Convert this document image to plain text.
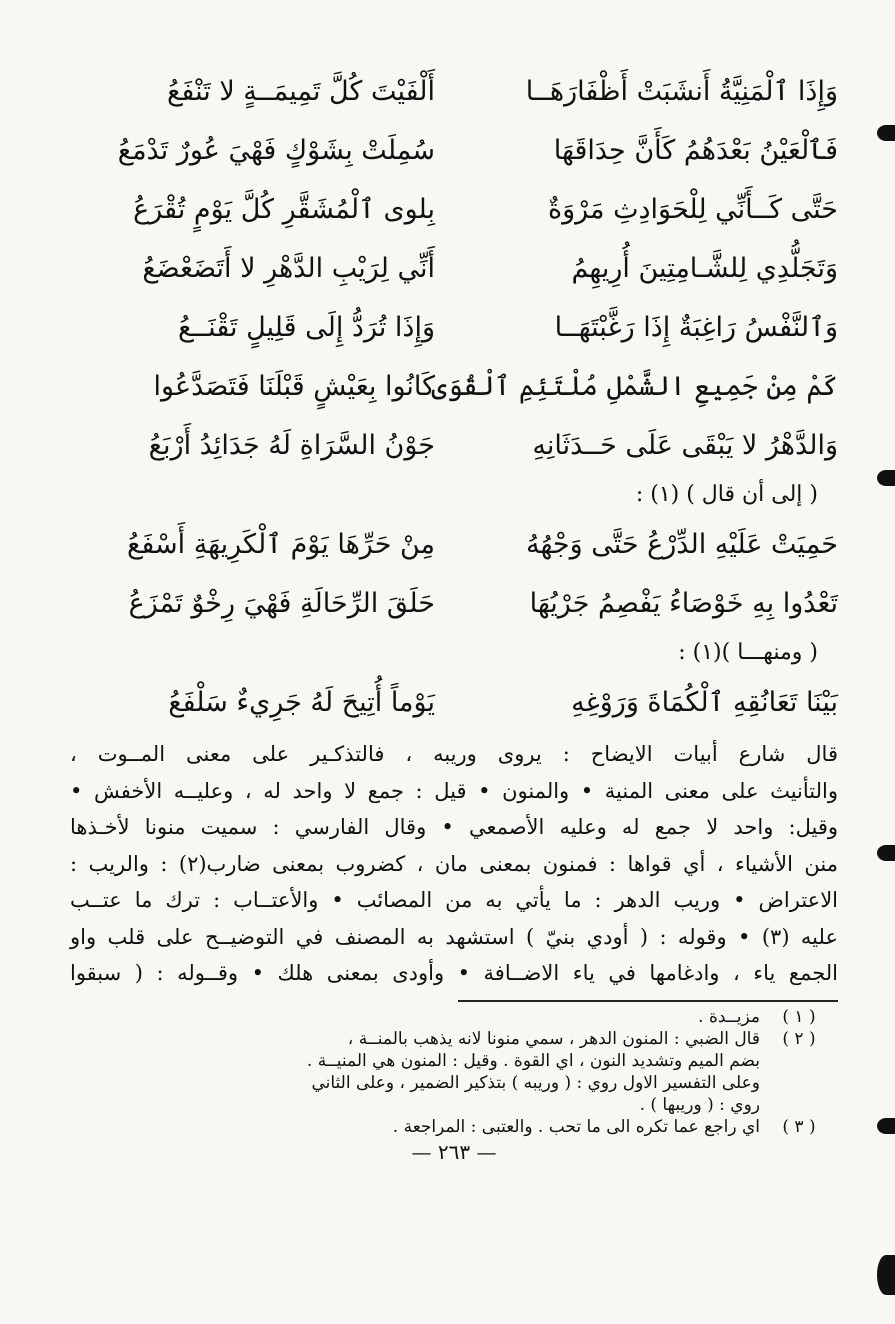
وَإِذَا ٱلْمَنِيَّةُ أَنشَبَتْ أَظْفَارَهَــا
أَلْفَيْتَ كُلَّ تَمِيمَــةٍ لا تَنْفَعُ
فَٱلْعَيْنُ بَعْدَهُمُ كَأَنَّ حِدَاقَهَا
سُمِلَتْ بِشَوْكٍ فَهْيَ عُورٌ تَدْمَعُ
حَتَّى كَــأَنِّي لِلْحَوَادِثِ مَرْوَةٌ
بِلوى ٱلْمُشَقَّرِ كُلَّ يَوْمٍ تُقْرَعُ
وَتَجَلُّدِي لِلشَّـامِتِينَ أُرِيهِمُ
أَنِّي لِرَيْبِ الدَّهْرِ لا أَتَضَعْضَعُ
وَٱلنَّفْسُ رَاغِبَةٌ إِذَا رَغَّبْتَهَــا
وَإِذَا تُرَدُّ إِلَى قَلِيلٍ تَقْنَــعُ
كَمْ مِنْ جَمِيعِ الشَّمْلِ مُلْتَئِمِ ٱلْقُوَى
كَانُوا بِعَيْشٍ قَبْلَنَا فَتَصَدَّعُوا
وَالدَّهْرُ لا يَبْقَى عَلَى حَــدَثَانِهِ
جَوْنُ السَّرَاةِ لَهُ جَدَائِدُ أَرْبَعُ
( إلى أن قال ) (١) :
حَمِيَتْ عَلَيْهِ الدِّرْعُ حَتَّى وَجْهُهُ
مِنْ حَرِّهَا يَوْمَ ٱلْكَرِيهَةِ أَسْفَعُ
تَعْدُوا بِهِ خَوْصَاءُ يَفْصِمُ جَرْيُهَا
حَلَقَ الرِّحَالَةِ فَهْيَ رِخْوٌ تَمْزَعُ
( ومنهـــا )(١) :
بَيْنَا تَعَانُقِهِ ٱلْكُمَاةَ وَرَوْغِهِ
يَوْماً أُتِيحَ لَهُ جَرِيءٌ سَلْفَعُ

قال شارع أبيات الايضاح : يروى وريبه ، فالتذكـير على معنى المــوت ،

والتأنيث على معنى المنية • والمنون • قيل : جمع لا واحد له ، وعليــه الأخفش •

وقيل: واحد لا جمع له وعليه الأصمعي • وقال الفارسي : سميت منونا لأخـذها

منن الأشياء ، أي قواها : فمنون بمعنى مان ، كضروب بمعنى ضارب(٢) : والريب :

الاعتراض • وريب الدهر : ما يأتي به من المصائب • والأعتــاب : ترك ما عتــب

عليه (٣) • وقوله : ( أودي بنيّ ) استشهد به المصنف في التوضيــح على قلب واو

الجمع ياء ، وادغامها في ياء الاضــافة • وأودى بمعنى هلك • وقــوله : ( سبقوا

( ١ )
مزيــدة .
( ٢ )
قال الضبي : المنون الدهر ، سمي منونا لانه يذهب بالمنــة ،
بضم الميم وتشديد النون ، اي القوة . وقيل : المنون هي المنيــة .
وعلى التفسير الاول روي : ( وريبه ) بتذكير الضمير ، وعلى الثاني
روي : ( وريبها ) .
( ٣ )
اي راجع عما تكره الى ما تحب . والعتبى : المراجعة .
— ٢٦٣ —
